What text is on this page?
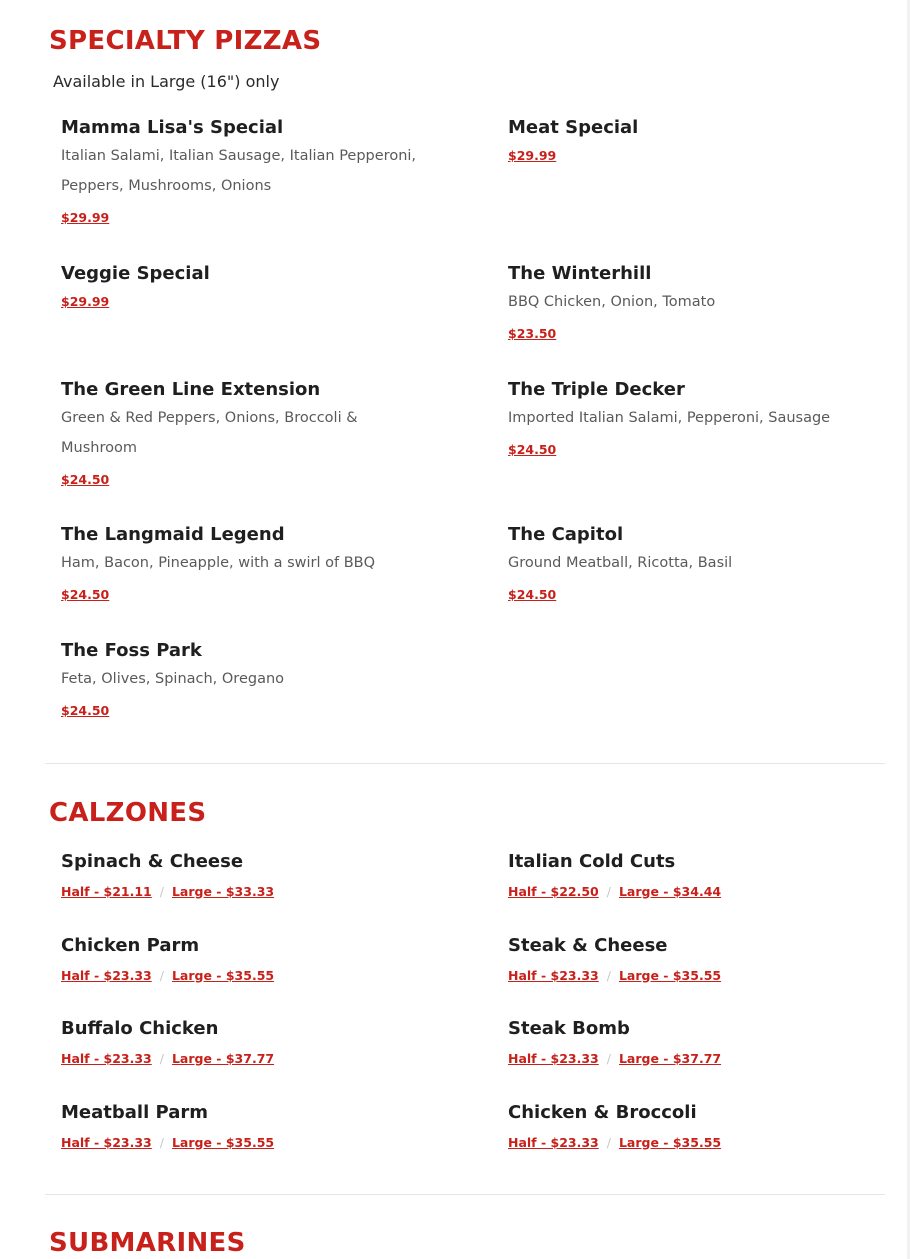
SPECIALTY PIZZAS
Available in Large (16") only
Mamma Lisa's Special
Italian Salami, Italian Sausage, Italian Pepperoni, Peppers, Mushrooms, Onions
$29.99
Meat Special
$29.99
Veggie Special
$29.99
The Winterhill
BBQ Chicken, Onion, Tomato
$23.50
The Green Line Extension
Green & Red Peppers, Onions, Broccoli & Mushroom
$24.50
The Triple Decker
Imported Italian Salami, Pepperoni, Sausage
$24.50
The Langmaid Legend
Ham, Bacon, Pineapple, with a swirl of BBQ
$24.50
The Capitol
Ground Meatball, Ricotta, Basil
$24.50
The Foss Park
Feta, Olives, Spinach, Oregano
$24.50
CALZONES
Spinach & Cheese
Half - $21.11 / Large - $33.33
Italian Cold Cuts
Half - $22.50 / Large - $34.44
Chicken Parm
Half - $23.33 / Large - $35.55
Steak & Cheese
Half - $23.33 / Large - $35.55
Buffalo Chicken
Half - $23.33 / Large - $37.77
Steak Bomb
Half - $23.33 / Large - $37.77
Meatball Parm
Half - $23.33 / Large - $35.55
Chicken & Broccoli
Half - $23.33 / Large - $35.55
SUBMARINES
